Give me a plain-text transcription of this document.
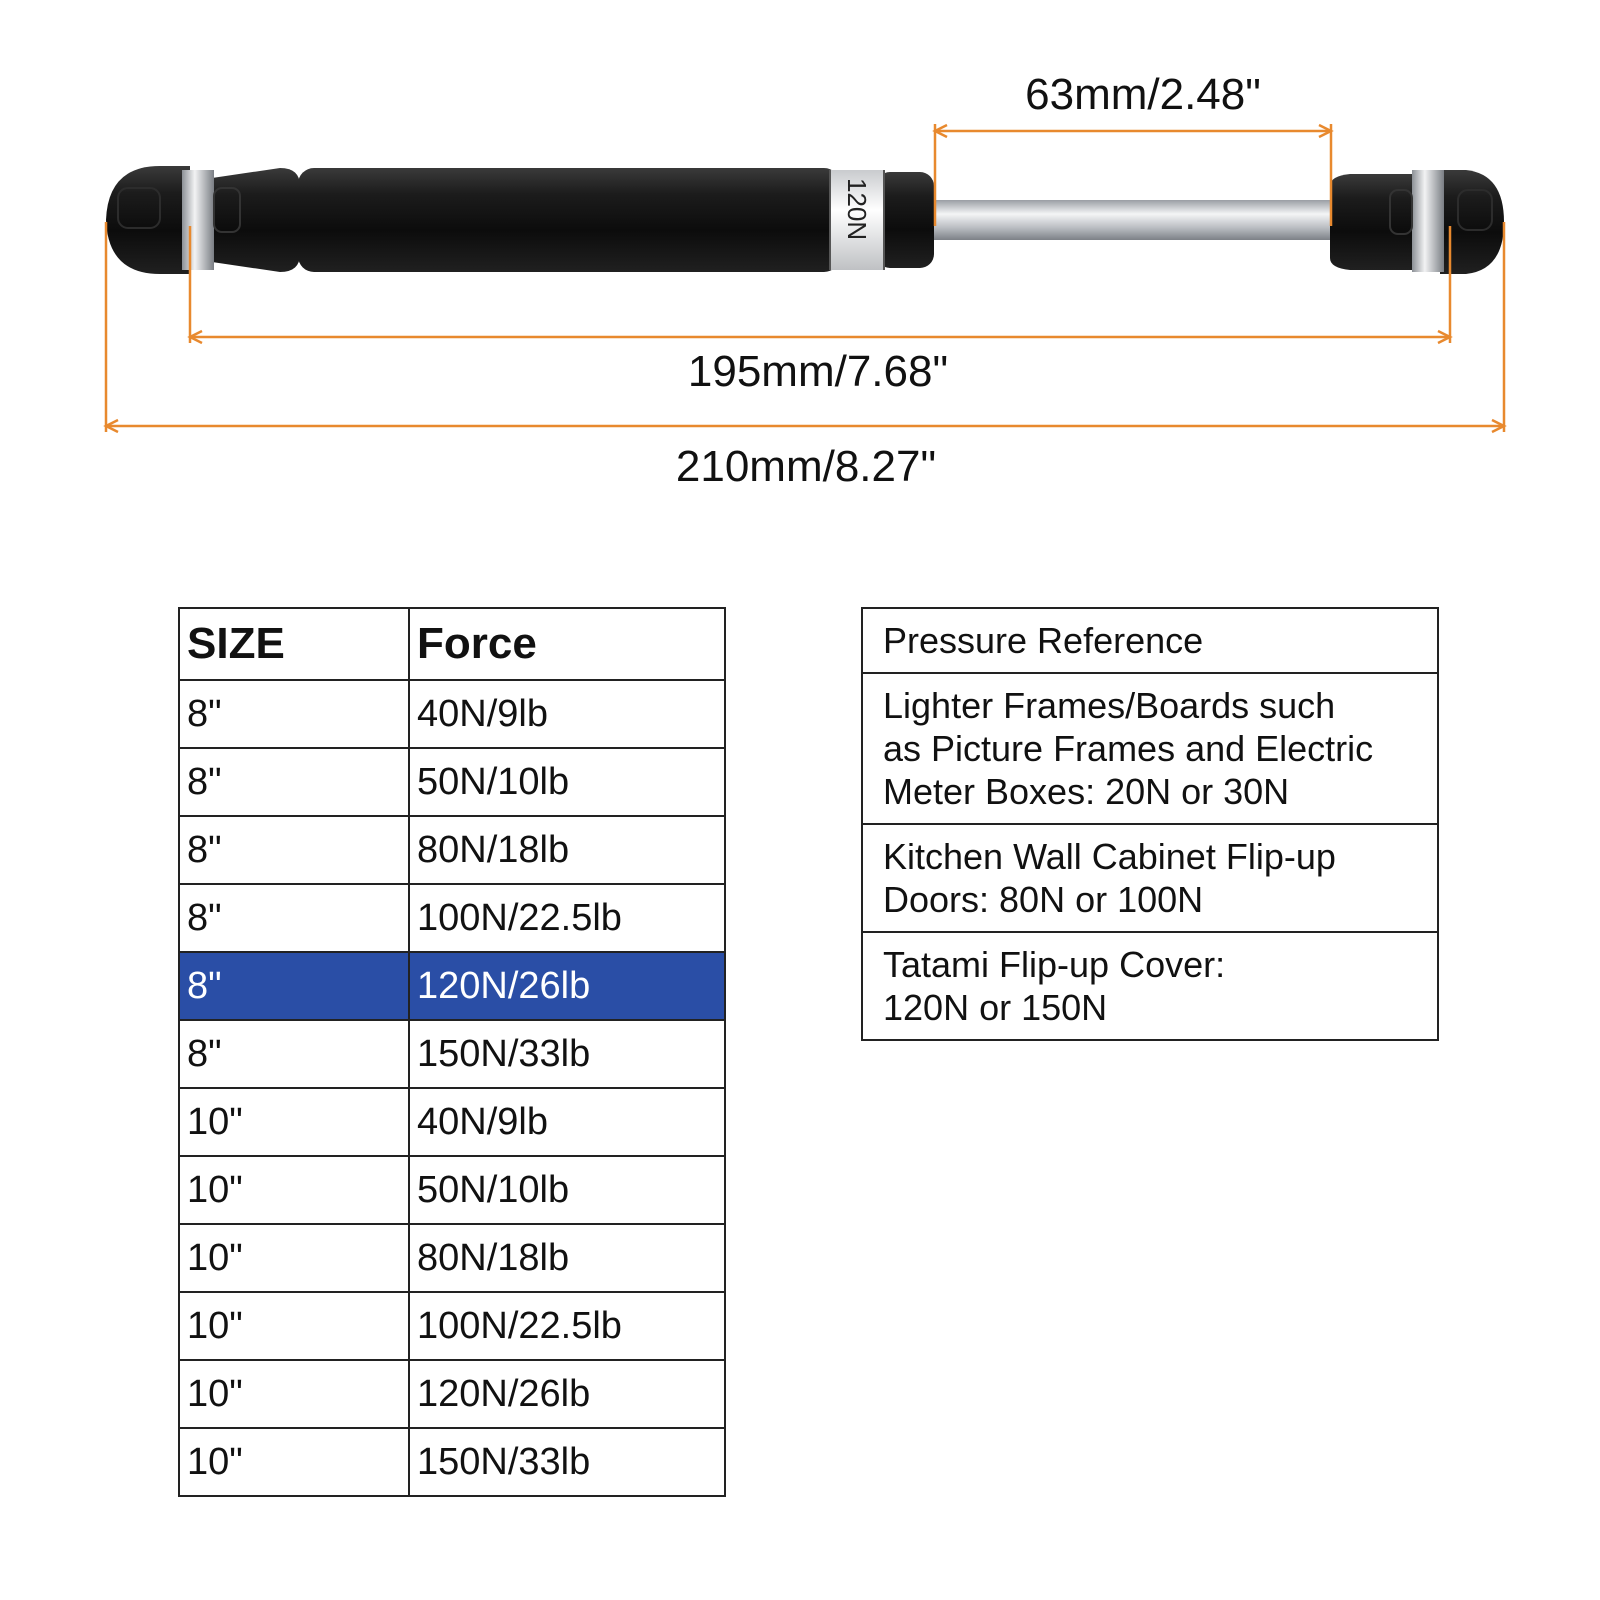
120N
63mm/2.48"
195mm/7.68"
210mm/8.27"
SIZE	Force
8"	40N/9lb
8"	50N/10lb
8"	80N/18lb
8"	100N/22.5lb
8"	120N/26lb
8"	150N/33lb
10"	40N/9lb
10"	50N/10lb
10"	80N/18lb
10"	100N/22.5lb
10"	120N/26lb
10"	150N/33lb
Pressure Reference
Lighter Frames/Boards such
as Picture Frames and Electric
Meter Boxes: 20N or 30N
Kitchen Wall Cabinet Flip-up
Doors: 80N or 100N
Tatami Flip-up Cover:
120N or 150N
